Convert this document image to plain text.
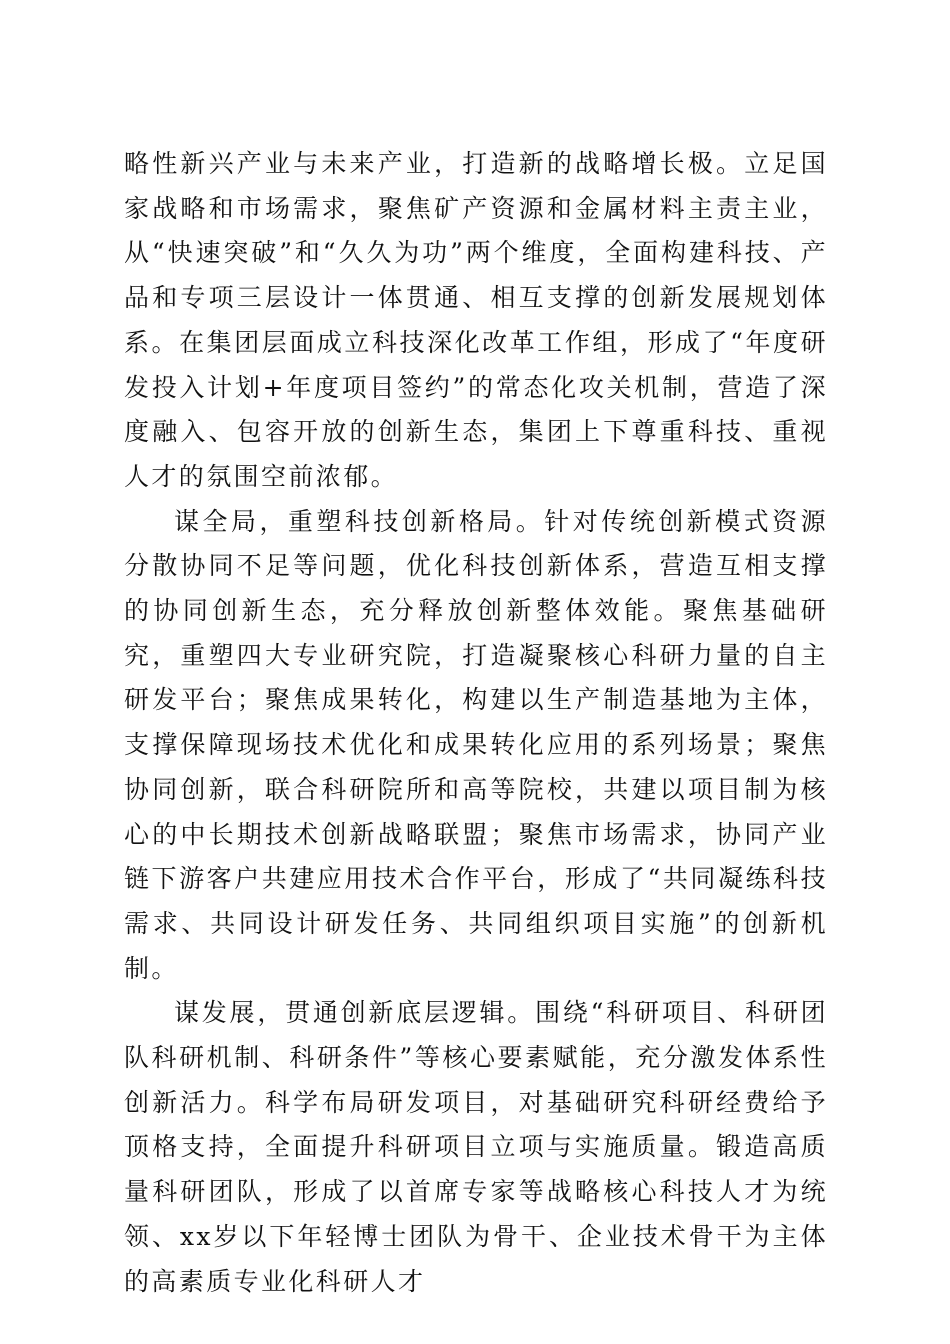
略性新兴产业与未来产业，打造新的战略增长极。立足国家战略和市场需求，聚焦矿产资源和金属材料主责主业，从“快速突破”和“久久为功”两个维度，全面构建科技、产品和专项三层设计一体贯通、相互支撑的创新发展规划体系。在集团层面成立科技深化改革工作组，形成了“年度研发投入计划+年度项目签约”的常态化攻关机制，营造了深度融入、包容开放的创新生态，集团上下尊重科技、重视人才的氛围空前浓郁。

谋全局，重塑科技创新格局。针对传统创新模式资源分散协同不足等问题，优化科技创新体系，营造互相支撑的协同创新生态，充分释放创新整体效能。聚焦基础研究，重塑四大专业研究院，打造凝聚核心科研力量的自主研发平台；聚焦成果转化，构建以生产制造基地为主体，支撑保障现场技术优化和成果转化应用的系列场景；聚焦协同创新，联合科研院所和高等院校，共建以项目制为核心的中长期技术创新战略联盟；聚焦市场需求，协同产业链下游客户共建应用技术合作平台，形成了“共同凝练科技需求、共同设计研发任务、共同组织项目实施”的创新机制。

谋发展，贯通创新底层逻辑。围绕“科研项目、科研团队科研机制、科研条件”等核心要素赋能，充分激发体系性创新活力。科学布局研发项目，对基础研究科研经费给予顶格支持，全面提升科研项目立项与实施质量。锻造高质量科研团队，形成了以首席专家等战略核心科技人才为统领、xx岁以下年轻博士团队为骨干、企业技术骨干为主体的高素质专业化科研人才
